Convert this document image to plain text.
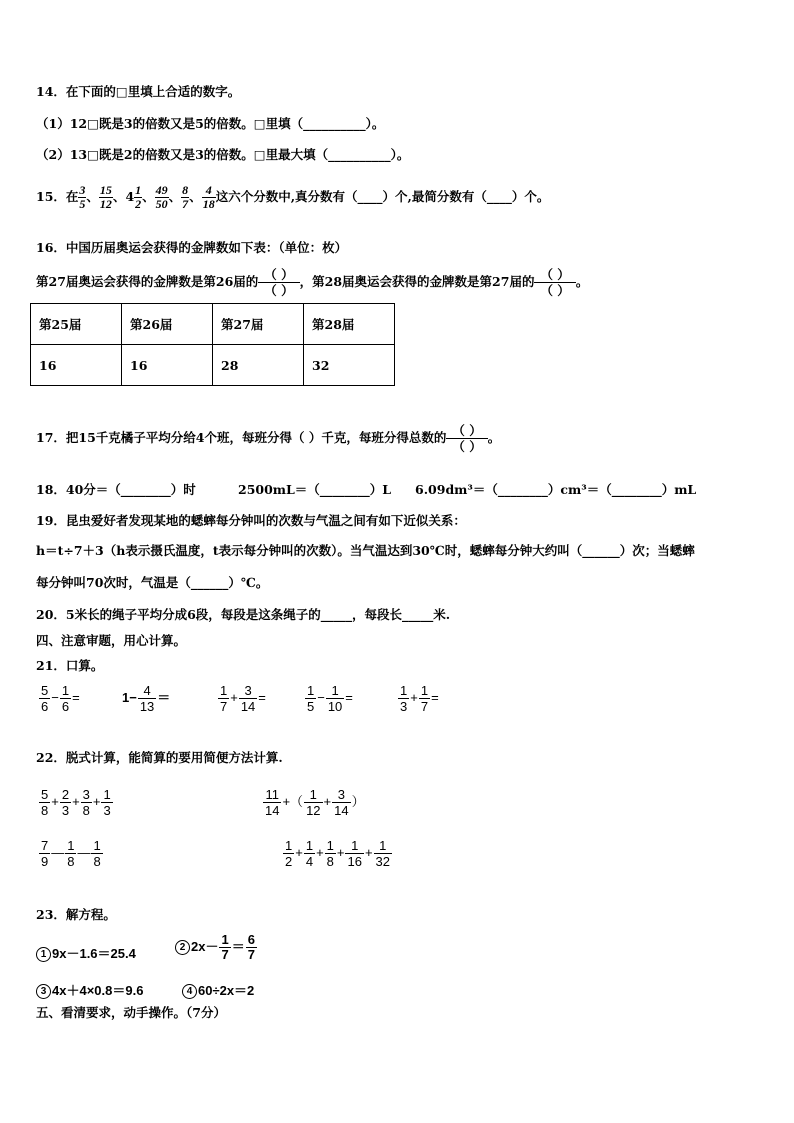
14．在下面的□里填上合适的数字。
（1）12□既是3的倍数又是5的倍数。□里填（__________）。
（2）13□既是2的倍数又是3的倍数。□里最大填（__________）。
15．在 $\frac{3}{5}$ 、 $\frac{15}{12}$ 、$4 \frac{1}{2}$ 、 $\frac{49}{50}$ 、 $\frac{8}{7}$ 、 $\frac{4}{18}$ 这六个分数中,真分数有（____）个,最简分数有（____）个。
16．中国历届奥运会获得的金牌数如下表：（单位：枚）
第27届奥运会获得的金牌数是第26届的 （ ）
（ ）
，第28届奥运会获得的金牌数是第27届的 （ ）
（ ）
。
第25届	第26届	第27届	第28届
16	16	28	32
17．把15千克橘子平均分给4个班，每班分得（ ）千克，每班分得总数的 （ ）
（ ）
。
18．40分＝（________）时	2500mL＝（________）L 6.09dm³＝（________）cm³＝（________）mL
19．昆虫爱好者发现某地的蟋蟀每分钟叫的次数与气温之间有如下近似关系：
h＝t÷7＋3（h表示摄氏温度，t表示每分钟叫的次数）。当气温达到30℃时，蟋蟀每分钟大约叫（______）次；当蟋蟀
每分钟叫70次时，气温是（______）℃。
20．5米长的绳子平均分成6段，每段是这条绳子的_____，每段长_____米.
四、注意审题，用心计算。
21．口算。
$\frac{5}{6} - \frac{1}{6}$ =	$1- \frac{4}{13}$ ＝	$\frac{1}{7} + \frac{3}{14}$ =	$\frac{1}{5} - \frac{1}{10}$ =	$\frac{1}{3} + \frac{1}{7}$ =
22．脱式计算，能简算的要用简便方法计算.
$\frac{5}{8} + \frac{2}{3} + \frac{3}{8} + \frac{1}{3}$	$\frac{11}{14}$ +（ $\frac{1}{12} + \frac{3}{14}$ ）
$\frac{7}{9}$ — $\frac{1}{8}$ — $\frac{1}{8}$	$\frac{1}{2} + \frac{1}{4} + \frac{1}{8} + \frac{1}{16} + \frac{1}{32}$
23．解方程。
1 9x－1.6＝25.4	2 $2x- \frac{1}{7} = \frac{6}{7}$
3 4x＋4×0.8＝9.6	4 60÷2x＝2
五、看清要求，动手操作。（7分）
